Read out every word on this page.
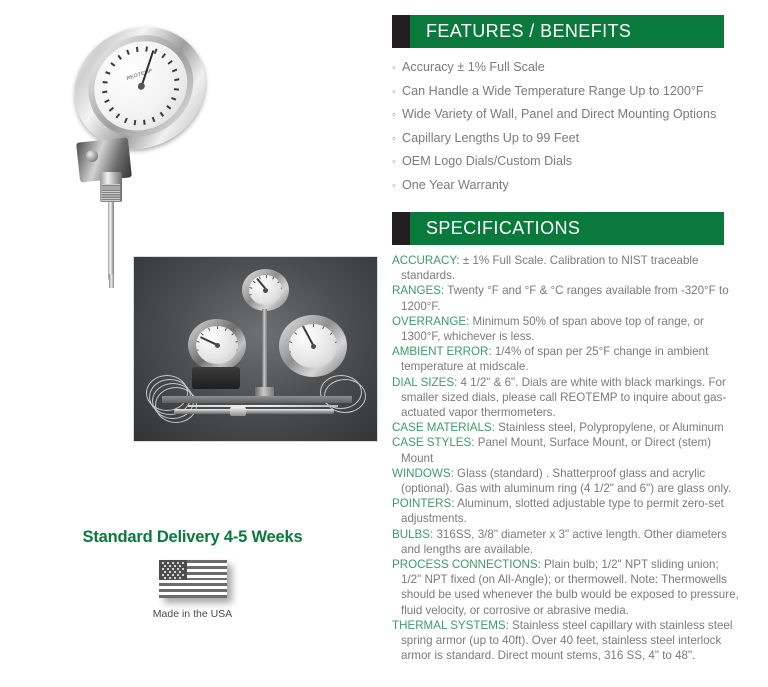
REOTEMP
Standard Delivery 4-5 Weeks
Made in the USA
FEATURES / BENEFITS
◦ Accuracy ± 1% Full Scale
◦ Can Handle a Wide Temperature Range Up to 1200°F
◦ Wide Variety of Wall, Panel and Direct Mounting Options
◦ Capillary Lengths Up to 99 Feet
◦ OEM Logo Dials/Custom Dials
◦ One Year Warranty
SPECIFICATIONS
ACCURACY: ± 1% Full Scale. Calibration to NIST traceable standards.
RANGES: Twenty °F and °F & °C ranges available from -320°F to 1200°F.
OVERRANGE: Minimum 50% of span above top of range, or 1300°F, whichever is less.
AMBIENT ERROR: 1/4% of span per 25°F change in ambient temperature at midscale.
DIAL SIZES: 4 1/2" & 6". Dials are white with black markings. For smaller sized dials, please call REOTEMP to inquire about gas-actuated vapor thermometers.
CASE MATERIALS: Stainless steel, Polypropylene, or Aluminum
CASE STYLES: Panel Mount, Surface Mount, or Direct (stem) Mount
WINDOWS: Glass (standard) . Shatterproof glass and acrylic (optional). Gas with aluminum ring (4 1/2" and 6") are glass only.
POINTERS: Aluminum, slotted adjustable type to permit zero-set adjustments.
BULBS: 316SS, 3/8" diameter x 3" active length. Other diameters and lengths are available.
PROCESS CONNECTIONS: Plain bulb; 1/2" NPT sliding union; 1/2" NPT fixed (on All-Angle); or thermowell. Note: Thermowells should be used whenever the bulb would be exposed to pressure, fluid velocity, or corrosive or abrasive media.
THERMAL SYSTEMS: Stainless steel capillary with stainless steel spring armor (up to 40ft). Over 40 feet, stainless steel interlock armor is standard. Direct mount stems, 316 SS, 4" to 48".
